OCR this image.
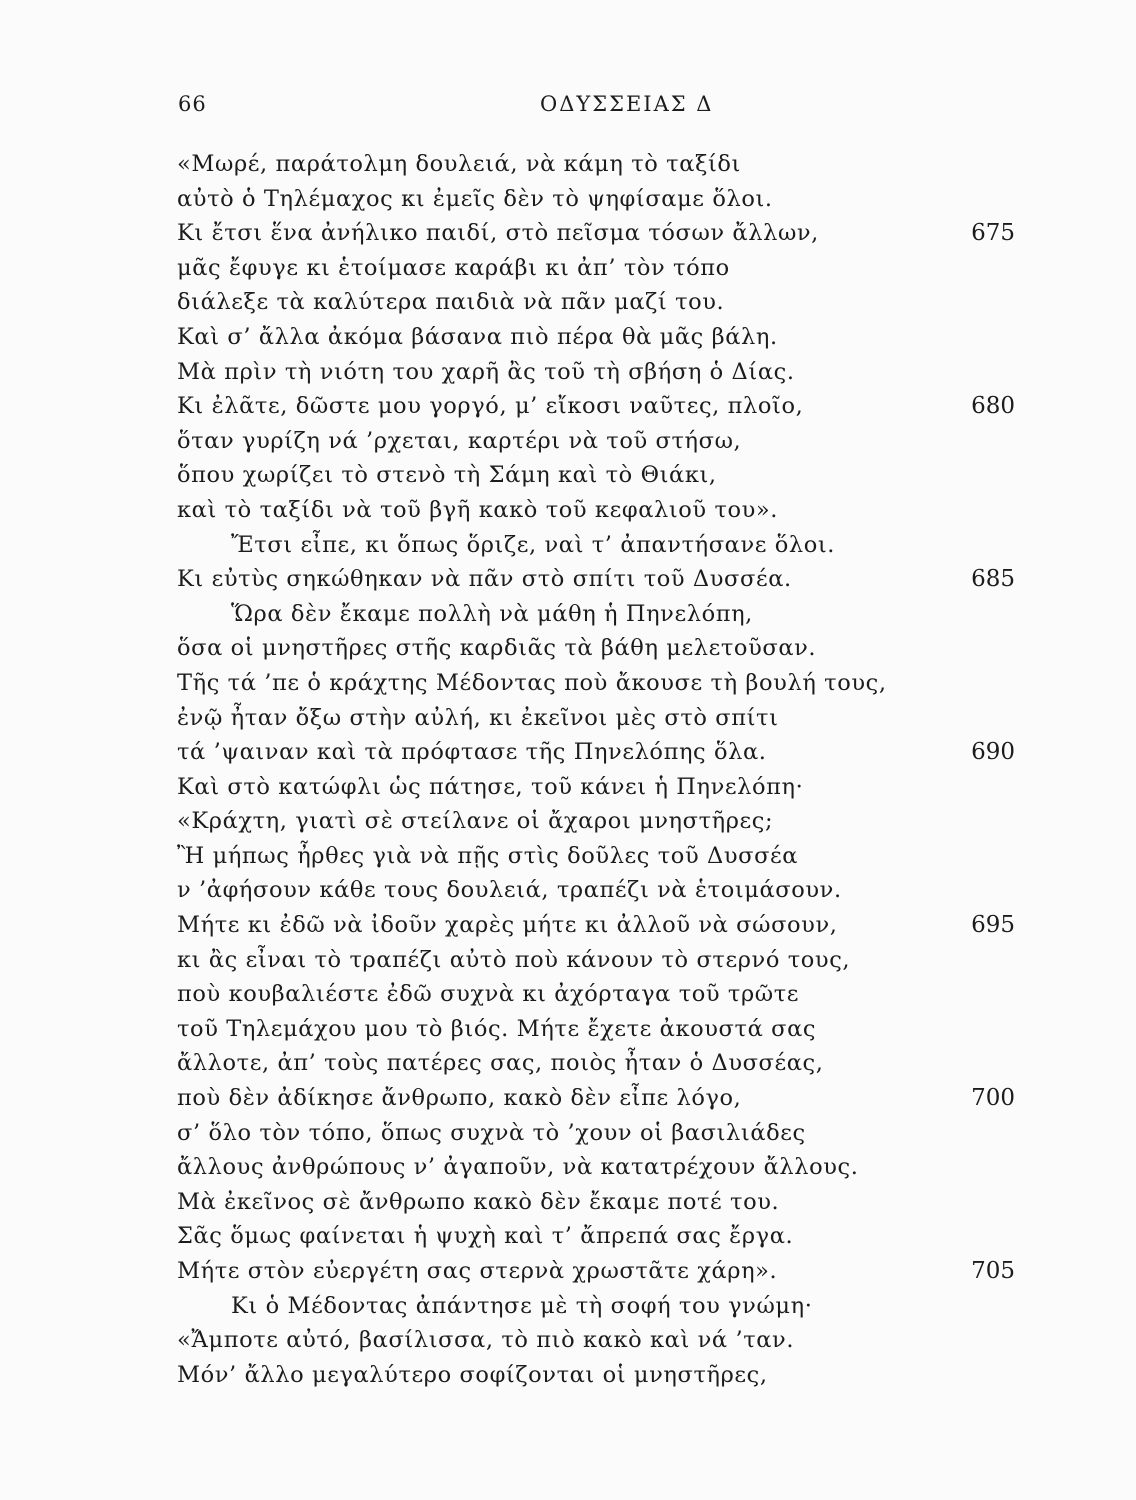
66	ΟΔΥΣΣΕΙΑΣ Δ
«Μωρέ, παράτολμη δουλειά, νὰ κάμη τὸ ταξίδι
αὐτὸ ὁ Τηλέμαχος κι ἐμεῖς δὲν τὸ ψηφίσαμε ὅλοι.
Κι ἔτσι ἕνα ἀνήλικο παιδί, στὸ πεῖσμα τόσων ἄλλων,	675
μᾶς ἔφυγε κι ἑτοίμασε καράβι κι ἀπ’ τὸν τόπο
διάλεξε τὰ καλύτερα παιδιὰ νὰ πᾶν μαζί του.
Καὶ σ’ ἄλλα ἀκόμα βάσανα πιὸ πέρα θὰ μᾶς βάλη.
Μὰ πρὶν τὴ νιότη του χαρῆ ἂς τοῦ τὴ σβήση ὁ Δίας.
Κι ἐλᾶτε, δῶστε μου γοργό, μ’ εἴκοσι ναῦτες, πλοῖο,	680
ὅταν γυρίζη νά ’ρχεται, καρτέρι νὰ τοῦ στήσω,
ὅπου χωρίζει τὸ στενὸ τὴ Σάμη καὶ τὸ Θιάκι,
καὶ τὸ ταξίδι νὰ τοῦ βγῆ κακὸ τοῦ κεφαλιοῦ του».
Ἔτσι εἶπε, κι ὅπως ὅριζε, ναὶ τ’ ἀπαντήσανε ὅλοι.
Κι εὐτὺς σηκώθηκαν νὰ πᾶν στὸ σπίτι τοῦ Δυσσέα.	685
Ὥρα δὲν ἔκαμε πολλὴ νὰ μάθη ἡ Πηνελόπη,
ὅσα οἱ μνηστῆρες στῆς καρδιᾶς τὰ βάθη μελετοῦσαν.
Τῆς τά ’πε ὁ κράχτης Μέδοντας ποὺ ἄκουσε τὴ βουλή τους,
ἐνῷ ἦταν ὄξω στὴν αὐλή, κι ἐκεῖνοι μὲς στὸ σπίτι
τά ’ψαιναν καὶ τὰ πρόφτασε τῆς Πηνελόπης ὅλα.	690
Καὶ στὸ κατώφλι ὡς πάτησε, τοῦ κάνει ἡ Πηνελόπη·
«Κράχτη, γιατὶ σὲ στείλανε οἱ ἄχαροι μνηστῆρες;
Ἢ μήπως ἦρθες γιὰ νὰ πῇς στὶς δοῦλες τοῦ Δυσσέα
ν ’ἀφήσουν κάθε τους δουλειά, τραπέζι νὰ ἑτοιμάσουν.
Μήτε κι ἐδῶ νὰ ἰδοῦν χαρὲς μήτε κι ἀλλοῦ νὰ σώσουν,	695
κι ἂς εἶναι τὸ τραπέζι αὐτὸ ποὺ κάνουν τὸ στερνό τους,
ποὺ κουβαλιέστε ἐδῶ συχνὰ κι ἀχόρταγα τοῦ τρῶτε
τοῦ Τηλεμάχου μου τὸ βιός. Μήτε ἔχετε ἀκουστά σας
ἄλλοτε, ἀπ’ τοὺς πατέρες σας, ποιὸς ἦταν ὁ Δυσσέας,
ποὺ δὲν ἀδίκησε ἄνθρωπο, κακὸ δὲν εἶπε λόγο,	700
σ’ ὅλο τὸν τόπο, ὅπως συχνὰ τὸ ’χουν οἱ βασιλιάδες
ἄλλους ἀνθρώπους ν’ ἀγαποῦν, νὰ κατατρέχουν ἄλλους.
Μὰ ἐκεῖνος σὲ ἄνθρωπο κακὸ δὲν ἔκαμε ποτέ του.
Σᾶς ὅμως φαίνεται ἡ ψυχὴ καὶ τ’ ἄπρεπά σας ἔργα.
Μήτε στὸν εὐεργέτη σας στερνὰ χρωστᾶτε χάρη».	705
Κι ὁ Μέδοντας ἀπάντησε μὲ τὴ σοφή του γνώμη·
«Ἄμποτε αὐτό, βασίλισσα, τὸ πιὸ κακὸ καὶ νά ’ταν.
Μόν’ ἄλλο μεγαλύτερο σοφίζονται οἱ μνηστῆρες,
